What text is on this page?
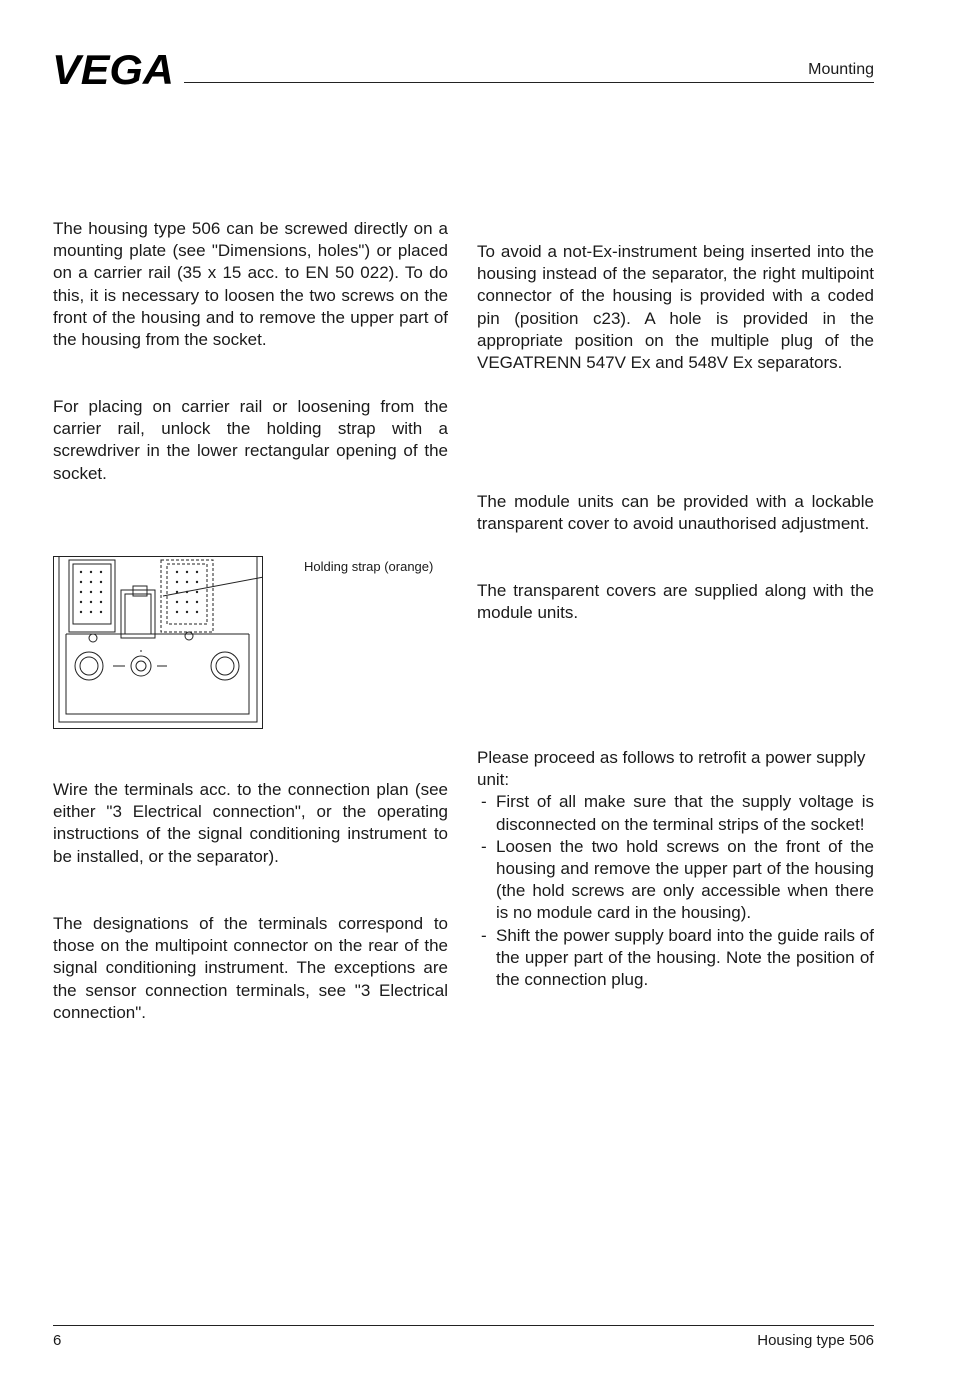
VEGA	Mounting

The housing type 506 can be screwed directly on a mounting plate (see "Dimensions, holes") or placed on a carrier rail (35 x 15 acc. to EN 50 022). To do this, it is necessary to loosen the two screws on the front of the housing and to remove the upper part of the housing from the socket.

For placing on carrier rail or loosening from the carrier rail, unlock the holding strap with a screwdriver in the lower rectangular opening of the socket.

Holding strap (orange)

Wire the terminals acc. to the connection plan (see either "3 Electrical connection", or the operating instructions of the signal conditioning instrument to be installed, or the separator).

The designations of the terminals correspond to those on the multipoint connector on the rear of the signal conditioning instrument. The exceptions are the sensor connection terminals, see "3 Electrical connection".

To avoid a not-Ex-instrument being inserted into the housing instead of the separator, the right multipoint connector of the housing is provided with a coded pin (position c23). A hole is provided in the appropriate position on the multiple plug of the VEGATRENN 547V Ex and 548V Ex separators.

The module units can be provided with a lockable transparent cover to avoid unauthorised adjustment.

The transparent covers are supplied along with the module units.

Please proceed as follows to retrofit a power supply unit:

- First of all make sure that the supply voltage is disconnected on the terminal strips of the socket!
- Loosen the two hold screws on the front of the housing and remove the upper part of the housing (the hold screws are only accessible when there is no module card in the housing).
- Shift the power supply board into the guide rails of the upper part of the housing. Note the position of the connection plug.
6	Housing type 506
